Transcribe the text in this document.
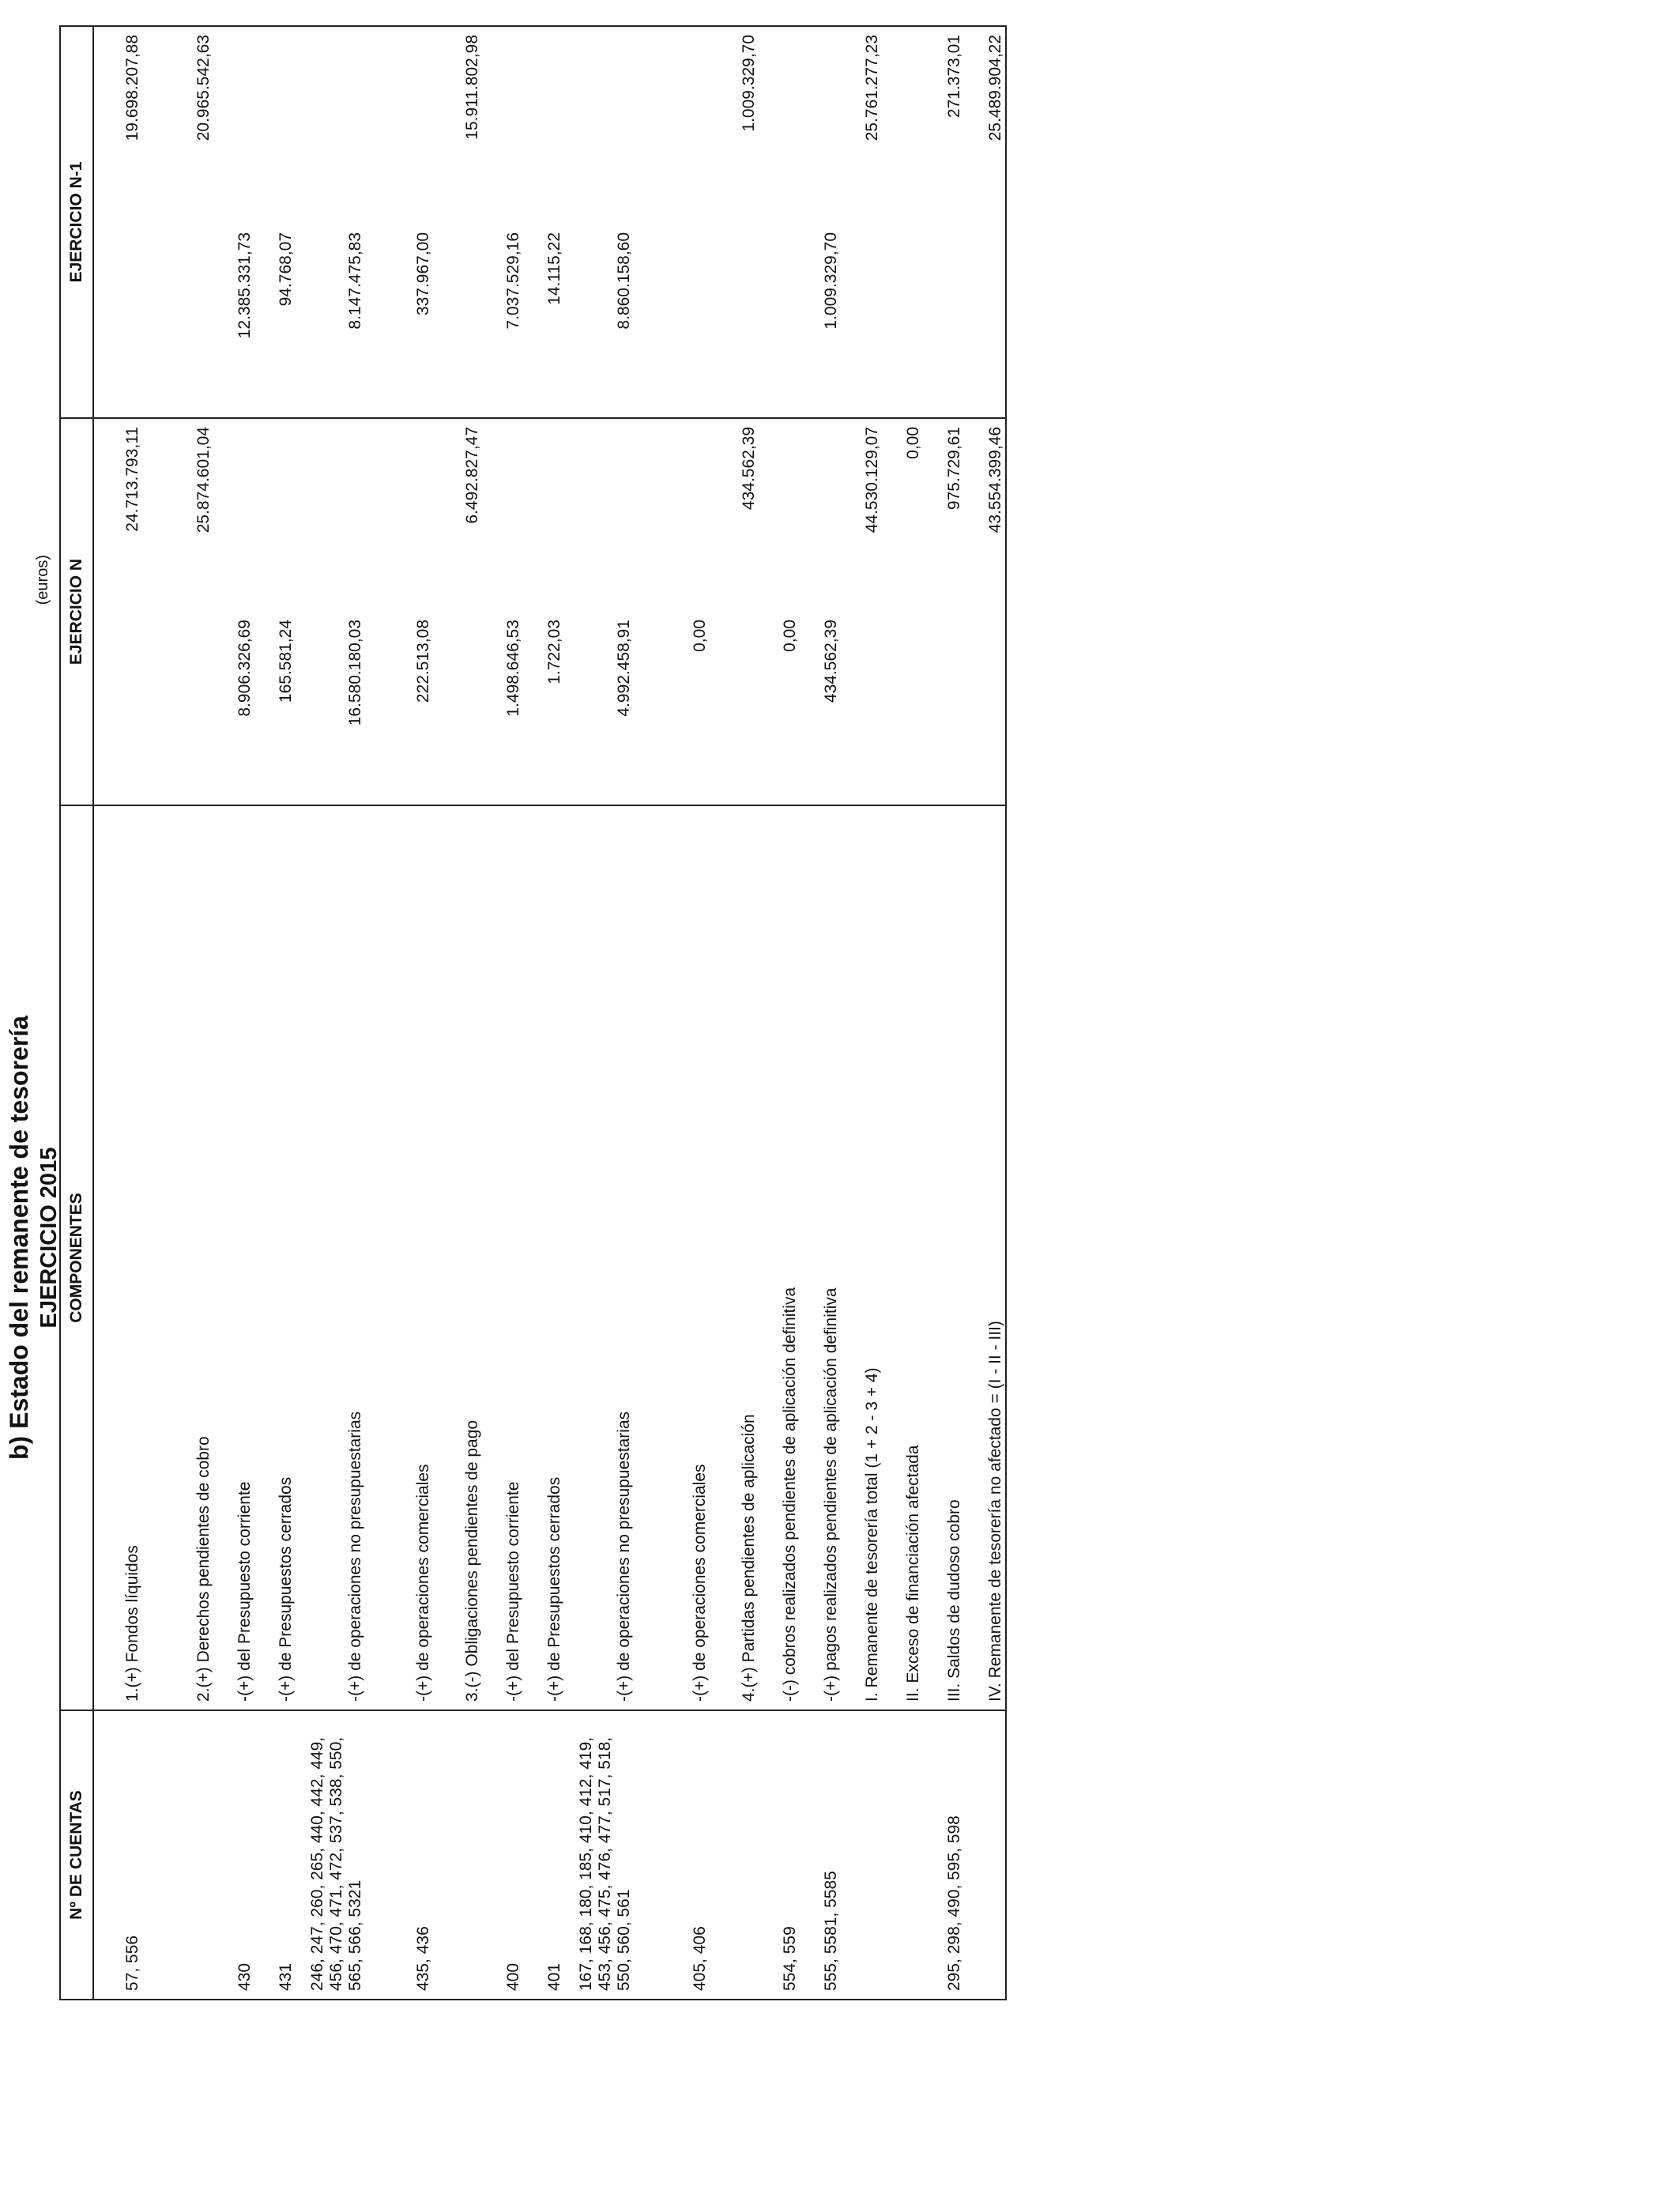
b) Estado del remanente de tesorería EJERCICIO 2015
(euros)
Nº DE CUENTAS	COMPONENTES	EJERCICIO N		EJERCICIO N-1	
57, 556	1.(+) Fondos líquidos		24.713.793,11		19.698.207,88
	2.(+) Derechos pendientes de cobro		25.874.601,04		20.965.542,63
430	-(+) del Presupuesto corriente	8.906.326,69		12.385.331,73	
431	-(+) de Presupuestos cerrados	165.581,24		94.768,07	
246, 247, 260, 265, 440, 442, 449, 456, 470, 471, 472, 537, 538, 550, 565, 566, 5321	-(+) de operaciones no presupuestarias	16.580.180,03		8.147.475,83	
435, 436	-(+) de operaciones comerciales	222.513,08		337.967,00	
	3.(-) Obligaciones pendientes de pago		6.492.827,47		15.911.802,98
400	-(+) del Presupuesto corriente	1.498.646,53		7.037.529,16	
401	-(+) de Presupuestos cerrados	1.722,03		14.115,22	
167, 168, 180, 185, 410, 412, 419, 453, 456, 475, 476, 477, 517, 518, 550, 560, 561	-(+) de operaciones no presupuestarias	4.992.458,91		8.860.158,60	
405, 406	-(+) de operaciones comerciales	0,00			
	4.(+) Partidas pendientes de aplicación		434.562,39		1.009.329,70
554, 559	-(-) cobros realizados pendientes de aplicación definitiva	0,00			
555, 5581, 5585	-(+) pagos realizados pendientes de aplicación definitiva	434.562,39		1.009.329,70	
	I. Remanente de tesorería total (1 + 2 - 3 + 4)		44.530.129,07		25.761.277,23
	II. Exceso de financiación afectada		0,00		
295, 298, 490, 595, 598	III. Saldos de dudoso cobro		975.729,61		271.373,01
	IV. Remanente de tesorería no afectado = (I - II - III)		43.554.399,46		25.489.904,22
